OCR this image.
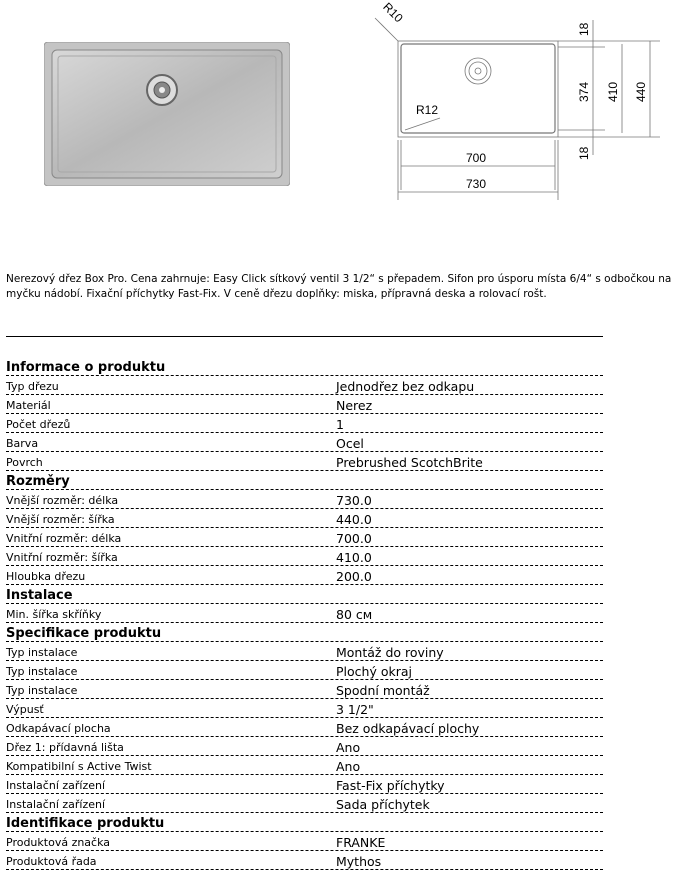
R10
R12
700
730
18
374 410 440
18
Nerezový dřez Box Pro. Cena zahrnuje: Easy Click sítkový ventil 3 1/2“ s přepadem. Sifon pro úsporu místa 6/4“ s odbočkou na myčku nádobí. Fixační příchytky Fast-Fix. V ceně dřezu doplňky: miska, přípravná deska a rolovací rošt.
Informace o produktu
Typ dřezu	Jednodřez bez odkapu
Materiál	Nerez
Počet dřezů	1
Barva	Ocel
Povrch	Prebrushed ScotchBrite
Rozměry
Vnější rozměr: délka	730.0
Vnější rozměr: šířka	440.0
Vnitřní rozměr: délka	700.0
Vnitřní rozměr: šířka	410.0
Hloubka dřezu	200.0
Instalace
Min. šířka skříňky	80 см
Specifikace produktu
Typ instalace	Montáž do roviny
Typ instalace	Plochý okraj
Typ instalace	Spodní montáž
Výpusť	3 1/2"
Odkapávací plocha	Bez odkapávací plochy
Dřez 1: přídavná lišta	Ano
Kompatibilní s Active Twist	Ano
Instalační zařízení	Fast-Fix příchytky
Instalační zařízení	Sada příchytek
Identifikace produktu
Produktová značka	FRANKE
Produktová řada	Mythos
